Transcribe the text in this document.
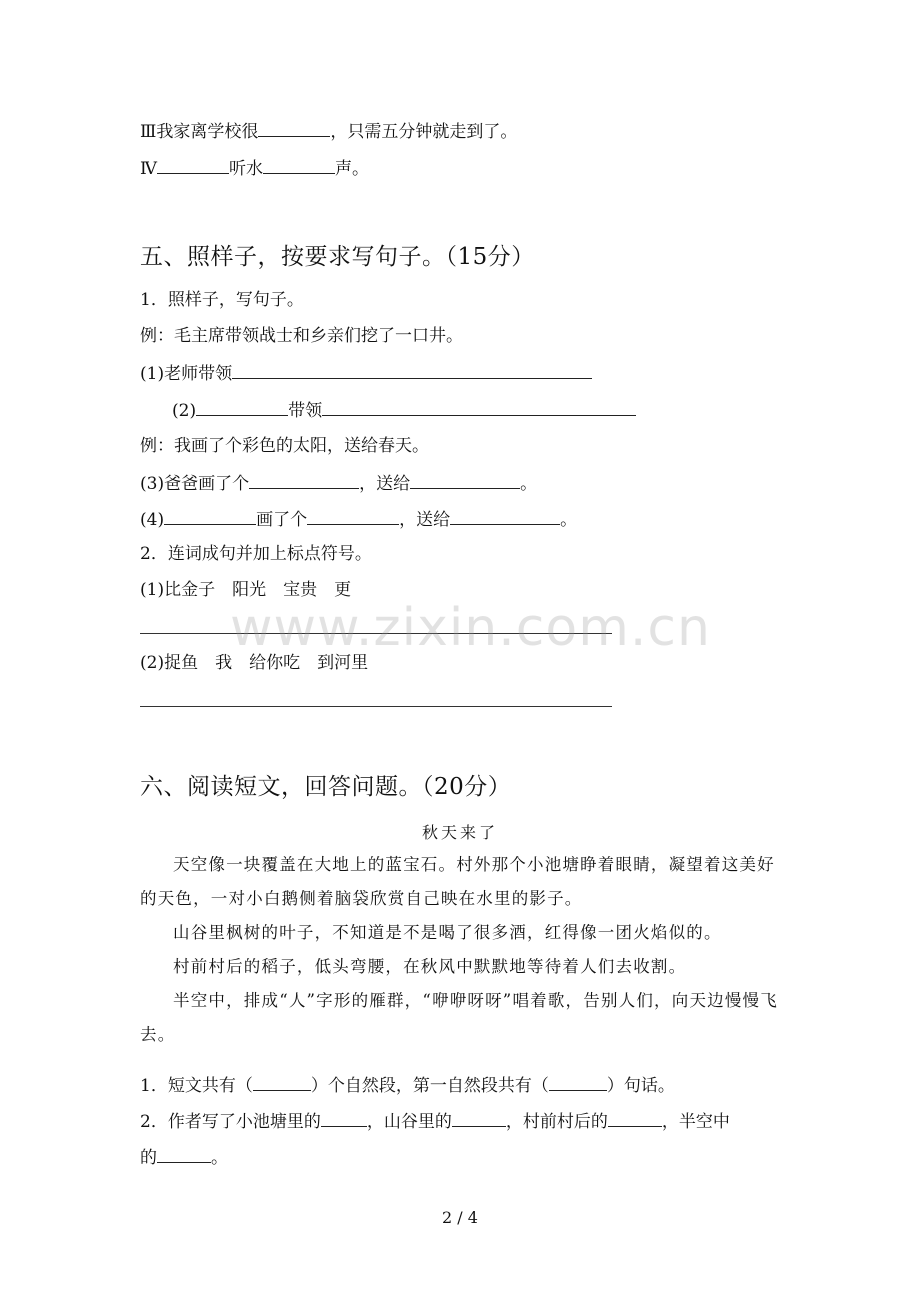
Ⅲ我家离学校很	，只需五分钟就走到了。
Ⅳ	听水	声。
五、照样子，按要求写句子。（15分）
1．照样子，写句子。
例：毛主席带领战士和乡亲们挖了一口井。
(1)老师带领
(2)	带领
例：我画了个彩色的太阳，送给春天。
(3)爸爸画了个	，送给	。
(4)	画了个	，送给	。
2．连词成句并加上标点符号。
(1)比金子　阳光　宝贵　更
www.zixin.com.cn
(2)捉鱼　我　给你吃　到河里
六、阅读短文，回答问题。（20分）
秋天来了

天空像一块覆盖在大地上的蓝宝石。村外那个小池塘睁着眼睛，凝望着这美好的天色，一对小白鹅侧着脑袋欣赏自己映在水里的影子。

山谷里枫树的叶子，不知道是不是喝了很多酒，红得像一团火焰似的。

村前村后的稻子，低头弯腰，在秋风中默默地等待着人们去收割。

半空中，排成“人”字形的雁群，“咿咿呀呀”唱着歌，告别人们，向天边慢慢飞去。

1．短文共有（	）个自然段，第一自然段共有（	）句话。
2．作者写了小池塘里的	，山谷里的	，村前村后的	，半空中
的	。
2 / 4
